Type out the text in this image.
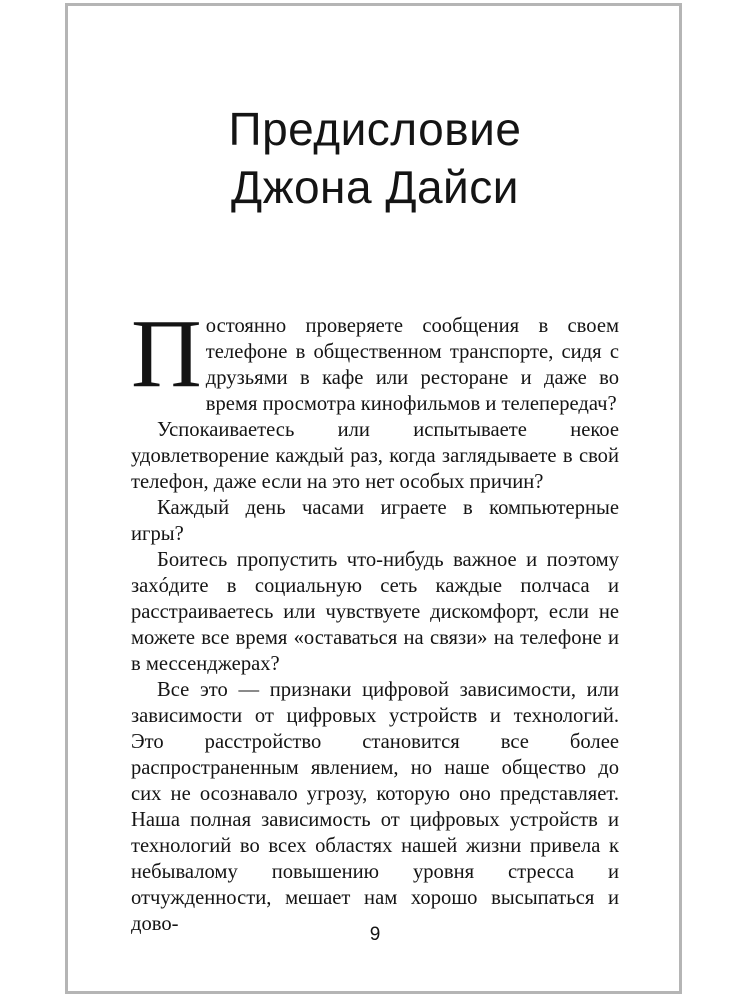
Предисловие
Джона Дайси

Постоянно проверяете сообщения в своем телефоне в общественном транспорте, сидя с друзьями в кафе или ресторане и даже во время просмотра кинофильмов и телепередач?

Успокаиваетесь или испытываете некое удовлетворение каждый раз, когда заглядываете в свой телефон, даже если на это нет особых причин?

Каждый день часами играете в компьютерные игры?

Боитесь пропустить что-нибудь важное и поэтому захóдите в социальную сеть каждые полчаса и расстраиваетесь или чувствуете дискомфорт, если не можете все время «оставаться на связи» на телефоне и в мессенджерах?

Все это — признаки цифровой зависимости, или зависимости от цифровых устройств и технологий. Это расстройство становится все более распространенным явлением, но наше общество до сих не осознавало угрозу, которую оно представляет. Наша полная зависимость от цифровых устройств и технологий во всех областях нашей жизни привела к небывалому повышению уровня стресса и отчужденности, мешает нам хорошо высыпаться и дово-	9
